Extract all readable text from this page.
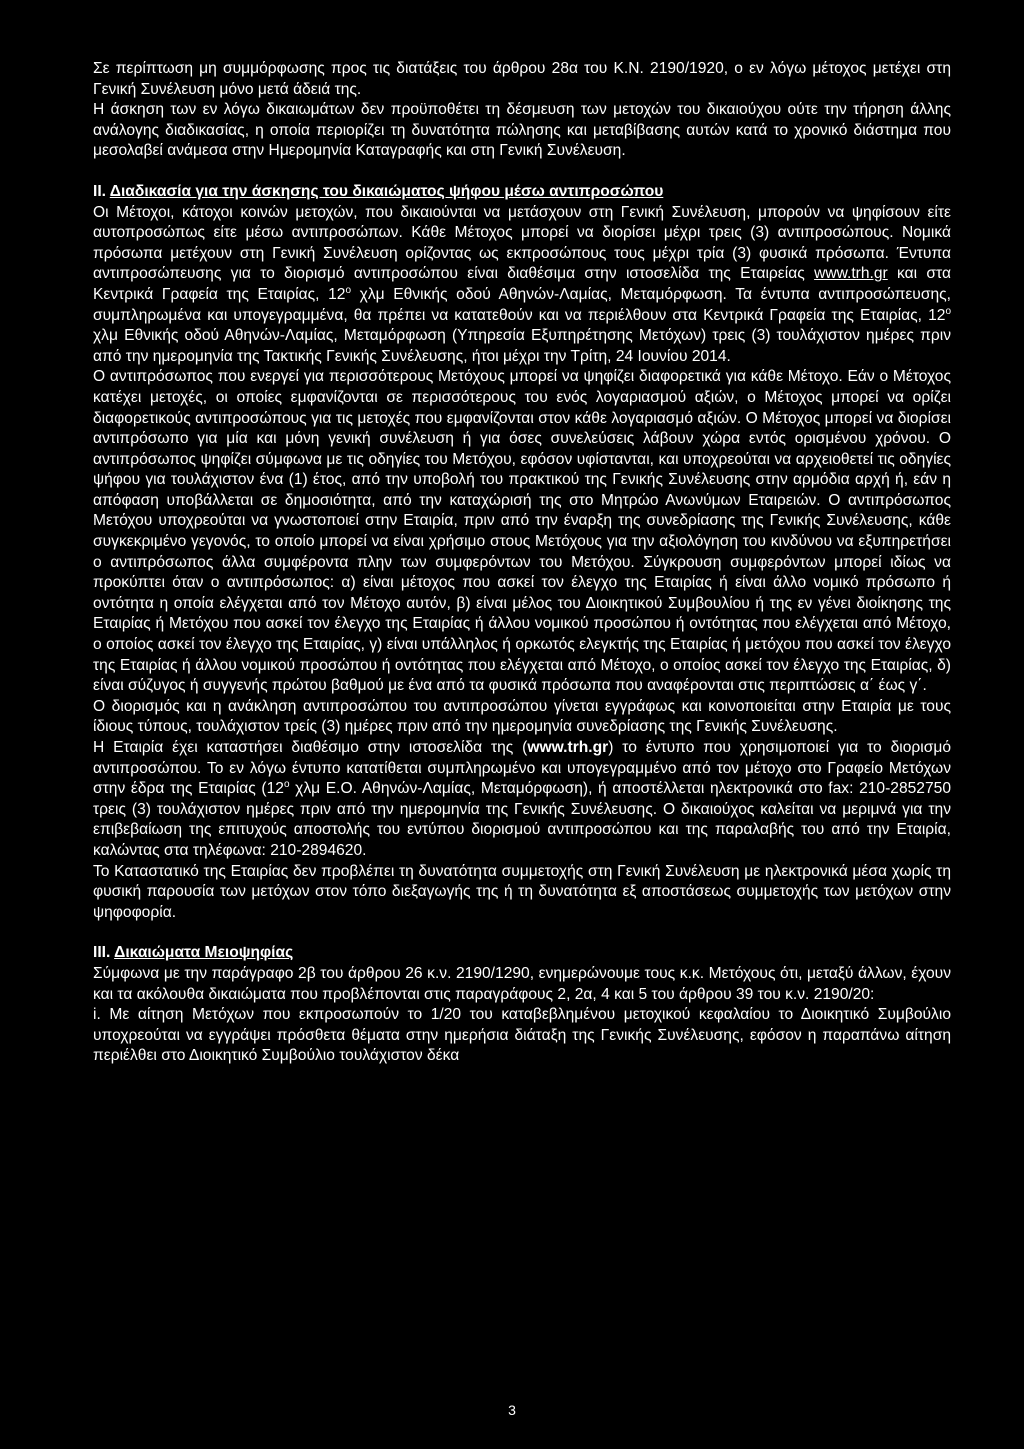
Σε περίπτωση μη συμμόρφωσης προς τις διατάξεις του άρθρου 28α του Κ.Ν. 2190/1920, ο εν λόγω μέτοχος μετέχει στη Γενική Συνέλευση μόνο μετά άδειά της.

Η άσκηση των εν λόγω δικαιωμάτων δεν προϋποθέτει τη δέσμευση των μετοχών του δικαιούχου ούτε την τήρηση άλλης ανάλογης διαδικασίας, η οποία περιορίζει τη δυνατότητα πώλησης και μεταβίβασης αυτών κατά το χρονικό διάστημα που μεσολαβεί ανάμεσα στην Ημερομηνία Καταγραφής και στη Γενική Συνέλευση.

ΙΙ. Διαδικασία για την άσκησης του δικαιώματος ψήφου μέσω αντιπροσώπου

Οι Μέτοχοι, κάτοχοι κοινών μετοχών, που δικαιούνται να μετάσχουν στη Γενική Συνέλευση, μπορούν να ψηφίσουν είτε αυτοπροσώπως είτε μέσω αντιπροσώπων. Κάθε Μέτοχος μπορεί να διορίσει μέχρι τρεις (3) αντιπροσώπους. Νομικά πρόσωπα μετέχουν στη Γενική Συνέλευση ορίζοντας ως εκπροσώπους τους μέχρι τρία (3) φυσικά πρόσωπα. Έντυπα αντιπροσώπευσης για το διορισμό αντιπροσώπου είναι διαθέσιμα στην ιστοσελίδα της Εταιρείας www.trh.gr και στα Κεντρικά Γραφεία της Εταιρίας, $12^o$ χλμ Εθνικής οδού Αθηνών-Λαμίας, Μεταμόρφωση. Τα έντυπα αντιπροσώπευσης, συμπληρωμένα και υπογεγραμμένα, θα πρέπει να κατατεθούν και να περιέλθουν στα Κεντρικά Γραφεία της Εταιρίας, $12^o$ χλμ Εθνικής οδού Αθηνών-Λαμίας, Μεταμόρφωση (Υπηρεσία Εξυπηρέτησης Μετόχων) τρεις (3) τουλάχιστον ημέρες πριν από την ημερομηνία της Τακτικής Γενικής Συνέλευσης, ήτοι μέχρι την Τρίτη, 24 Ιουνίου 2014.

Ο αντιπρόσωπος που ενεργεί για περισσότερους Μετόχους μπορεί να ψηφίζει διαφορετικά για κάθε Μέτοχο. Εάν ο Μέτοχος κατέχει μετοχές, οι οποίες εμφανίζονται σε περισσότερους του ενός λογαριασμού αξιών, ο Μέτοχος μπορεί να ορίζει διαφορετικούς αντιπροσώπους για τις μετοχές που εμφανίζονται στον κάθε λογαριασμό αξιών. Ο Μέτοχος μπορεί να διορίσει αντιπρόσωπο για μία και μόνη γενική συνέλευση ή για όσες συνελεύσεις λάβουν χώρα εντός ορισμένου χρόνου. Ο αντιπρόσωπος ψηφίζει σύμφωνα με τις οδηγίες του Μετόχου, εφόσον υφίστανται, και υποχρεούται να αρχειοθετεί τις οδηγίες ψήφου για τουλάχιστον ένα (1) έτος, από την υποβολή του πρακτικού της Γενικής Συνέλευσης στην αρμόδια αρχή ή, εάν η απόφαση υποβάλλεται σε δημοσιότητα, από την καταχώρισή της στο Μητρώο Ανωνύμων Εταιρειών. Ο αντιπρόσωπος Μετόχου υποχρεούται να γνωστοποιεί στην Εταιρία, πριν από την έναρξη της συνεδρίασης της Γενικής Συνέλευσης, κάθε συγκεκριμένο γεγονός, το οποίο μπορεί να είναι χρήσιμο στους Μετόχους για την αξιολόγηση του κινδύνου να εξυπηρετήσει ο αντιπρόσωπος άλλα συμφέροντα πλην των συμφερόντων του Μετόχου. Σύγκρουση συμφερόντων μπορεί ιδίως να προκύπτει όταν ο αντιπρόσωπος: α) είναι μέτοχος που ασκεί τον έλεγχο της Εταιρίας ή είναι άλλο νομικό πρόσωπο ή οντότητα η οποία ελέγχεται από τον Μέτοχο αυτόν, β) είναι μέλος του Διοικητικού Συμβουλίου ή της εν γένει διοίκησης της Εταιρίας ή Μετόχου που ασκεί τον έλεγχο της Εταιρίας ή άλλου νομικού προσώπου ή οντότητας που ελέγχεται από Μέτοχο, ο οποίος ασκεί τον έλεγχο της Εταιρίας, γ) είναι υπάλληλος ή ορκωτός ελεγκτής της Εταιρίας ή μετόχου που ασκεί τον έλεγχο της Εταιρίας ή άλλου νομικού προσώπου ή οντότητας που ελέγχεται από Μέτοχο, ο οποίος ασκεί τον έλεγχο της Εταιρίας, δ) είναι σύζυγος ή συγγενής πρώτου βαθμού με ένα από τα φυσικά πρόσωπα που αναφέρονται στις περιπτώσεις α΄ έως γ΄.

Ο διορισμός και η ανάκληση αντιπροσώπου του αντιπροσώπου γίνεται εγγράφως και κοινοποιείται στην Εταιρία με τους ίδιους τύπους, τουλάχιστον τρείς (3) ημέρες πριν από την ημερομηνία συνεδρίασης της Γενικής Συνέλευσης.

Η Εταιρία έχει καταστήσει διαθέσιμο στην ιστοσελίδα της (www.trh.gr) το έντυπο που χρησιμοποιεί για το διορισμό αντιπροσώπου. Το εν λόγω έντυπο κατατίθεται συμπληρωμένο και υπογεγραμμένο από τον μέτοχο στο Γραφείο Μετόχων στην έδρα της Εταιρίας ($12^o$ χλμ Ε.Ο. Αθηνών-Λαμίας, Μεταμόρφωση), ή αποστέλλεται ηλεκτρονικά στο fax: 210-2852750 τρεις (3) τουλάχιστον ημέρες πριν από την ημερομηνία της Γενικής Συνέλευσης. Ο δικαιούχος καλείται να μεριμνά για την επιβεβαίωση της επιτυχούς αποστολής του εντύπου διορισμού αντιπροσώπου και της παραλαβής του από την Εταιρία, καλώντας στα τηλέφωνα: 210-2894620.

Το Καταστατικό της Εταιρίας δεν προβλέπει τη δυνατότητα συμμετοχής στη Γενική Συνέλευση με ηλεκτρονικά μέσα χωρίς τη φυσική παρουσία των μετόχων στον τόπο διεξαγωγής της ή τη δυνατότητα εξ αποστάσεως συμμετοχής των μετόχων στην ψηφοφορία.

ΙΙΙ. Δικαιώματα Μειοψηφίας

Σύμφωνα με την παράγραφο 2β του άρθρου 26 κ.ν. 2190/1290, ενημερώνουμε τους κ.κ. Μετόχους ότι, μεταξύ άλλων, έχουν και τα ακόλουθα δικαιώματα που προβλέπονται στις παραγράφους 2, 2α, 4 και 5 του άρθρου 39 του κ.ν. 2190/20:

i. Με αίτηση Μετόχων που εκπροσωπούν το 1/20 του καταβεβλημένου μετοχικού κεφαλαίου το Διοικητικό Συμβούλιο υποχρεούται να εγγράψει πρόσθετα θέματα στην ημερήσια διάταξη της Γενικής Συνέλευσης, εφόσον η παραπάνω αίτηση περιέλθει στο Διοικητικό Συμβούλιο τουλάχιστον δέκα

3
